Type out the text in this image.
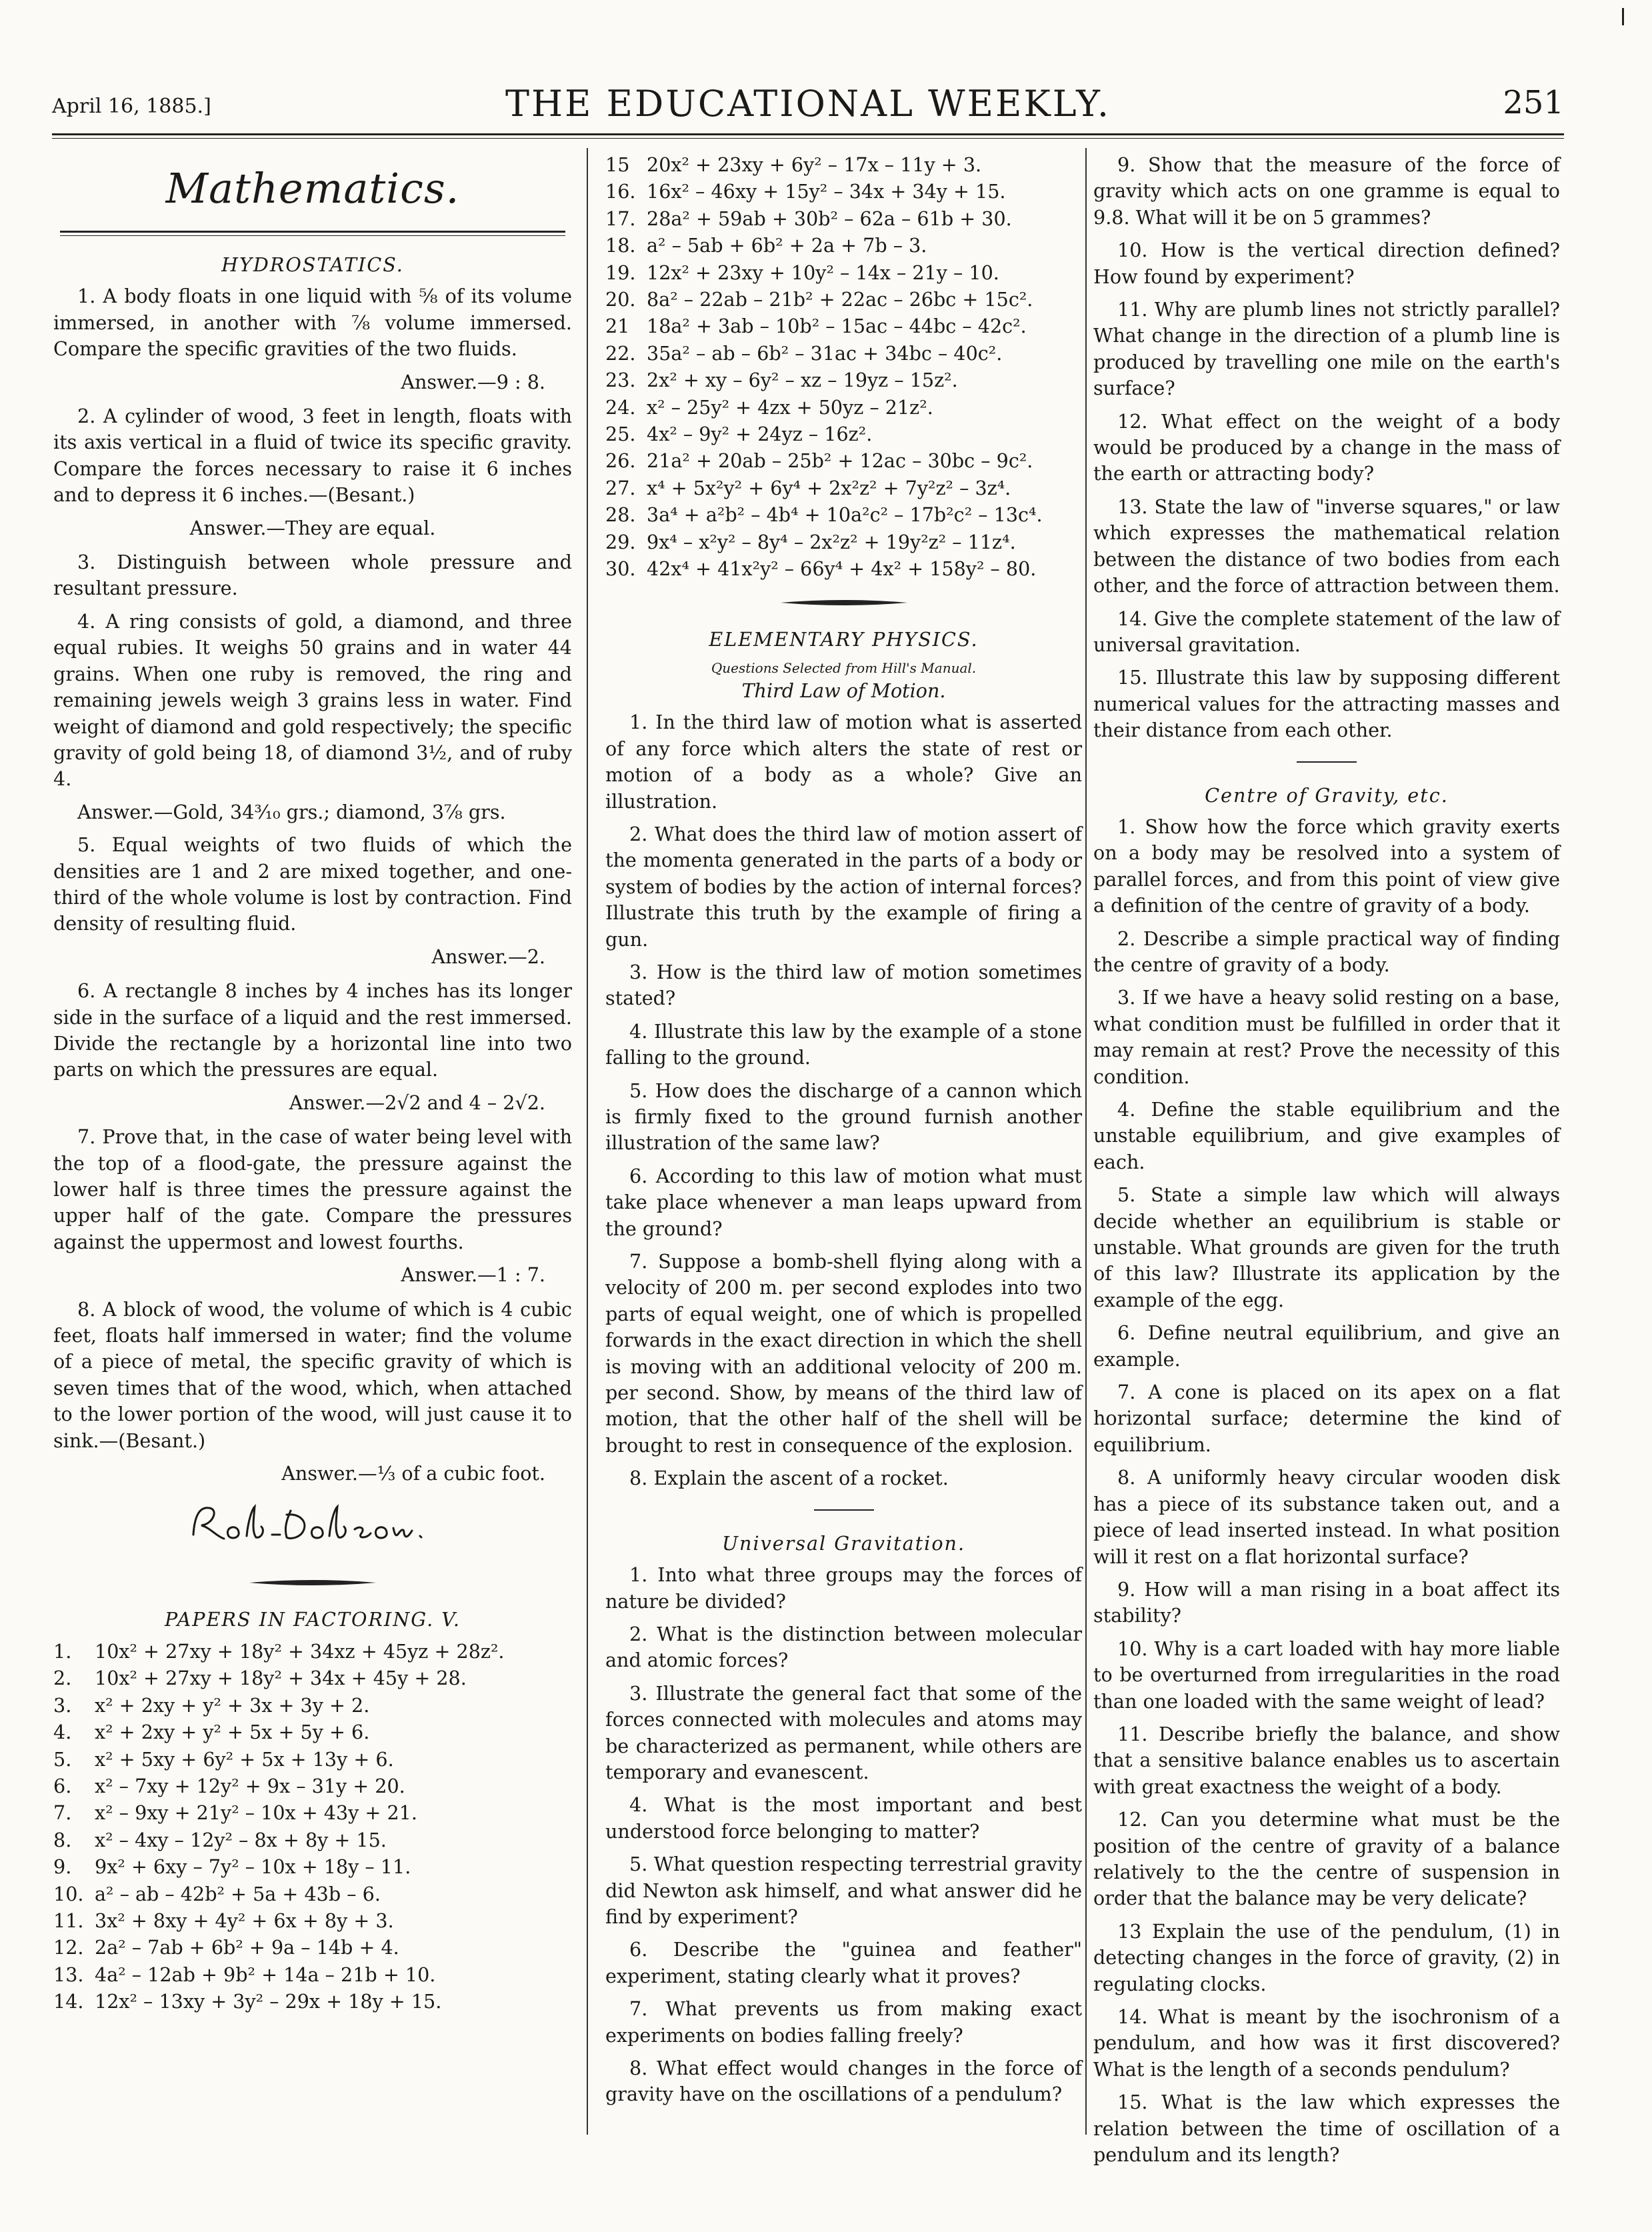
April 16, 1885.]	THE EDUCATIONAL WEEKLY.	251
Mathematics.
HYDROSTATICS.

1. A body floats in one liquid with ⅝ of its volume immersed, in another with ⅞ volume immersed. Compare the specific gravities of the two fluids.

Answer.—9 : 8.

2. A cylinder of wood, 3 feet in length, floats with its axis vertical in a fluid of twice its specific gravity. Compare the forces necessary to raise it 6 inches and to depress it 6 inches.—(Besant.)

Answer.—They are equal.

3. Distinguish between whole pressure and resultant pressure.

4. A ring consists of gold, a diamond, and three equal rubies. It weighs 50 grains and in water 44 grains. When one ruby is removed, the ring and remaining jewels weigh 3 grains less in water. Find weight of diamond and gold respectively; the specific gravity of gold being 18, of diamond 3½, and of ruby 4.

Answer.—Gold, 34³⁄₁₀ grs.; diamond, 3⅞ grs.

5. Equal weights of two fluids of which the densities are 1 and 2 are mixed together, and one-third of the whole volume is lost by contraction. Find density of resulting fluid.

Answer.—2.

6. A rectangle 8 inches by 4 inches has its longer side in the surface of a liquid and the rest immersed. Divide the rectangle by a horizontal line into two parts on which the pressures are equal.

Answer.—2√2 and 4 – 2√2.

7. Prove that, in the case of water being level with the top of a flood-gate, the pressure against the lower half is three times the pressure against the upper half of the gate. Compare the pressures against the uppermost and lowest fourths.

Answer.—1 : 7.

8. A block of wood, the volume of which is 4 cubic feet, floats half immersed in water; find the volume of a piece of metal, the specific gravity of which is seven times that of the wood, which, when attached to the lower portion of the wood, will just cause it to sink.—(Besant.)

Answer.—⅓ of a cubic foot.
PAPERS IN FACTORING. V.
1. 10x² + 27xy + 18y² + 34xz + 45yz + 28z².
2. 10x² + 27xy + 18y² + 34x + 45y + 28.
3. x² + 2xy + y² + 3x + 3y + 2.
4. x² + 2xy + y² + 5x + 5y + 6.
5. x² + 5xy + 6y² + 5x + 13y + 6.
6. x² – 7xy + 12y² + 9x – 31y + 20.
7. x² – 9xy + 21y² – 10x + 43y + 21.
8. x² – 4xy – 12y² – 8x + 8y + 15.
9. 9x² + 6xy – 7y² – 10x + 18y – 11.
10. a² – ab – 42b² + 5a + 43b – 6.
11. 3x² + 8xy + 4y² + 6x + 8y + 3.
12. 2a² – 7ab + 6b² + 9a – 14b + 4.
13. 4a² – 12ab + 9b² + 14a – 21b + 10.
14. 12x² – 13xy + 3y² – 29x + 18y + 15.
15 20x² + 23xy + 6y² – 17x – 11y + 3.
16. 16x² – 46xy + 15y² – 34x + 34y + 15.
17. 28a² + 59ab + 30b² – 62a – 61b + 30.
18. a² – 5ab + 6b² + 2a + 7b – 3.
19. 12x² + 23xy + 10y² – 14x – 21y – 10.
20. 8a² – 22ab – 21b² + 22ac – 26bc + 15c².
21 18a² + 3ab – 10b² – 15ac – 44bc – 42c².
22. 35a² – ab – 6b² – 31ac + 34bc – 40c².
23. 2x² + xy – 6y² – xz – 19yz – 15z².
24. x² – 25y² + 4zx + 50yz – 21z².
25. 4x² – 9y² + 24yz – 16z².
26. 21a² + 20ab – 25b² + 12ac – 30bc – 9c².
27. x⁴ + 5x²y² + 6y⁴ + 2x²z² + 7y²z² – 3z⁴.
28. 3a⁴ + a²b² – 4b⁴ + 10a²c² – 17b²c² – 13c⁴.
29. 9x⁴ – x²y² – 8y⁴ – 2x²z² + 19y²z² – 11z⁴.
30. 42x⁴ + 41x²y² – 66y⁴ + 4x² + 158y² – 80.
ELEMENTARY PHYSICS.
Questions Selected from Hill's Manual.
Third Law of Motion.

1. In the third law of motion what is asserted of any force which alters the state of rest or motion of a body as a whole? Give an illustration.

2. What does the third law of motion assert of the momenta generated in the parts of a body or system of bodies by the action of internal forces? Illustrate this truth by the example of firing a gun.

3. How is the third law of motion sometimes stated?

4. Illustrate this law by the example of a stone falling to the ground.

5. How does the discharge of a cannon which is firmly fixed to the ground furnish another illustration of the same law?

6. According to this law of motion what must take place whenever a man leaps upward from the ground?

7. Suppose a bomb-shell flying along with a velocity of 200 m. per second explodes into two parts of equal weight, one of which is propelled forwards in the exact direction in which the shell is moving with an additional velocity of 200 m. per second. Show, by means of the third law of motion, that the other half of the shell will be brought to rest in consequence of the explosion.

8. Explain the ascent of a rocket.

Universal Gravitation.

1. Into what three groups may the forces of nature be divided?

2. What is the distinction between molecular and atomic forces?

3. Illustrate the general fact that some of the forces connected with molecules and atoms may be characterized as permanent, while others are temporary and evanescent.

4. What is the most important and best understood force belonging to matter?

5. What question respecting terrestrial gravity did Newton ask himself, and what answer did he find by experiment?

6. Describe the "guinea and feather" experiment, stating clearly what it proves?

7. What prevents us from making exact experiments on bodies falling freely?

8. What effect would changes in the force of gravity have on the oscillations of a pendulum?

9. Show that the measure of the force of gravity which acts on one gramme is equal to 9.8. What will it be on 5 grammes?

10. How is the vertical direction defined? How found by experiment?

11. Why are plumb lines not strictly parallel? What change in the direction of a plumb line is produced by travelling one mile on the earth's surface?

12. What effect on the weight of a body would be produced by a change in the mass of the earth or attracting body?

13. State the law of "inverse squares," or law which expresses the mathematical relation between the distance of two bodies from each other, and the force of attraction between them.

14. Give the complete statement of the law of universal gravitation.

15. Illustrate this law by supposing different numerical values for the attracting masses and their distance from each other.

Centre of Gravity, etc.

1. Show how the force which gravity exerts on a body may be resolved into a system of parallel forces, and from this point of view give a definition of the centre of gravity of a body.

2. Describe a simple practical way of finding the centre of gravity of a body.

3. If we have a heavy solid resting on a base, what condition must be fulfilled in order that it may remain at rest? Prove the necessity of this condition.

4. Define the stable equilibrium and the unstable equilibrium, and give examples of each.

5. State a simple law which will always decide whether an equilibrium is stable or unstable. What grounds are given for the truth of this law? Illustrate its application by the example of the egg.

6. Define neutral equilibrium, and give an example.

7. A cone is placed on its apex on a flat horizontal surface; determine the kind of equilibrium.

8. A uniformly heavy circular wooden disk has a piece of its substance taken out, and a piece of lead inserted instead. In what position will it rest on a flat horizontal surface?

9. How will a man rising in a boat affect its stability?

10. Why is a cart loaded with hay more liable to be overturned from irregularities in the road than one loaded with the same weight of lead?

11. Describe briefly the balance, and show that a sensitive balance enables us to ascertain with great exactness the weight of a body.

12. Can you determine what must be the position of the centre of gravity of a balance relatively to the the centre of suspension in order that the balance may be very delicate?

13 Explain the use of the pendulum, (1) in detecting changes in the force of gravity, (2) in regulating clocks.

14. What is meant by the isochronism of a pendulum, and how was it first discovered? What is the length of a seconds pendulum?

15. What is the law which expresses the relation between the time of oscillation of a pendulum and its length?
